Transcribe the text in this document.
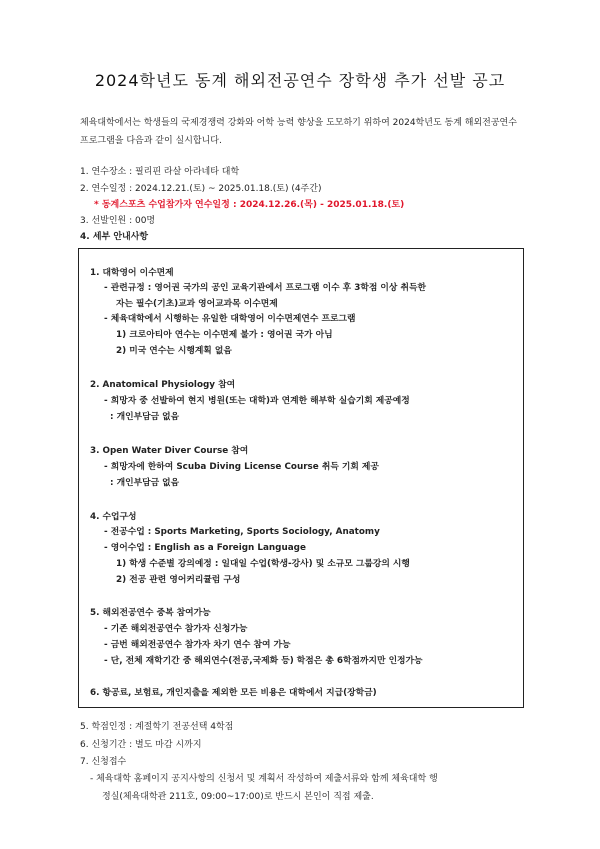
2024학년도 동계 해외전공연수 장학생 추가 선발 공고
체육대학에서는 학생들의 국제경쟁력 강화와 어학 능력 향상을 도모하기 위하여 2024학년도 동계 해외전공연수 프로그램을 다음과 같이 실시합니다.
1. 연수장소 : 필리핀 라살 아라네타 대학
2. 연수일정 : 2024.12.21.(토) ~ 2025.01.18.(토) (4주간)
* 동계스포츠 수업참가자 연수일정 : 2024.12.26.(목) - 2025.01.18.(토)
3. 선발인원 : 00명
4. 세부 안내사항
1. 대학영어 이수면제
- 관련규정 : 영어권 국가의 공인 교육기관에서 프로그램 이수 후 3학점 이상 취득한
자는 필수(기초)교과 영어교과목 이수면제
- 체육대학에서 시행하는 유일한 대학영어 이수면제연수 프로그램
1) 크로아티아 연수는 이수면제 불가 : 영어권 국가 아님
2) 미국 연수는 시행계획 없음
2. Anatomical Physiology 참여
- 희망자 중 선발하여 현지 병원(또는 대학)과 연계한 해부학 실습기회 제공예정
: 개인부담금 없음
3. Open Water Diver Course 참여
- 희망자에 한하여 Scuba Diving License Course 취득 기회 제공
: 개인부담금 없음
4. 수업구성
- 전공수업 : Sports Marketing, Sports Sociology, Anatomy
- 영어수업 : English as a Foreign Language
1) 학생 수준별 강의예정 : 일대일 수업(학생-강사) 및 소규모 그룹강의 시행
2) 전공 관련 영어커리큘럼 구성
5. 해외전공연수 중복 참여가능
- 기존 해외전공연수 참가자 신청가능
- 금번 해외전공연수 참가자 차기 연수 참여 가능
- 단, 전체 재학기간 중 해외연수(전공,국제화 등) 학점은 총 6학점까지만 인정가능
6. 항공료, 보험료, 개인지출을 제외한 모든 비용은 대학에서 지급(장학금)
5. 학점인정 : 계절학기 전공선택 4학점
6. 신청기간 : 별도 마감 시까지
7. 신청접수
- 체육대학 홈페이지 공지사항의 신청서 및 계획서 작성하여 제출서류와 함께 체육대학 행
정실(체육대학관 211호, 09:00~17:00)로 반드시 본인이 직접 제출.
